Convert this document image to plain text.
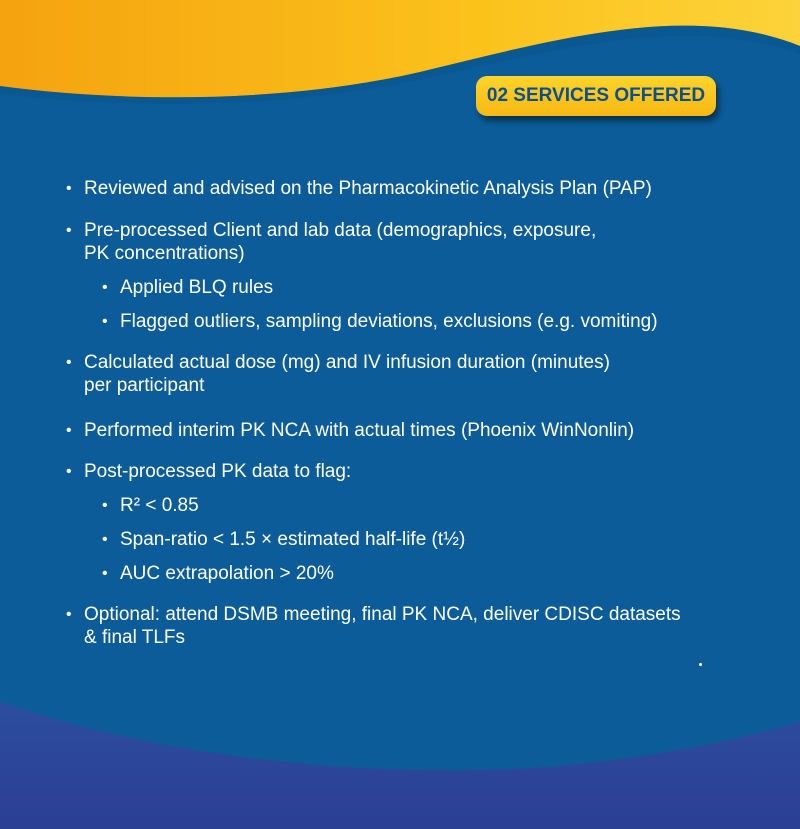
02 SERVICES OFFERED
• Reviewed and advised on the Pharmacokinetic Analysis Plan (PAP)
• Pre-processed Client and lab data (demographics, exposure,
PK concentrations)
• Applied BLQ rules
• Flagged outliers, sampling deviations, exclusions (e.g. vomiting)
• Calculated actual dose (mg) and IV infusion duration (minutes)
per participant
• Performed interim PK NCA with actual times (Phoenix WinNonlin)
• Post-processed PK data to flag:
• R² < 0.85
• Span-ratio < 1.5 × estimated half-life (t½)
• AUC extrapolation > 20%
• Optional: attend DSMB meeting, final PK NCA, deliver CDISC datasets
& final TLFs
